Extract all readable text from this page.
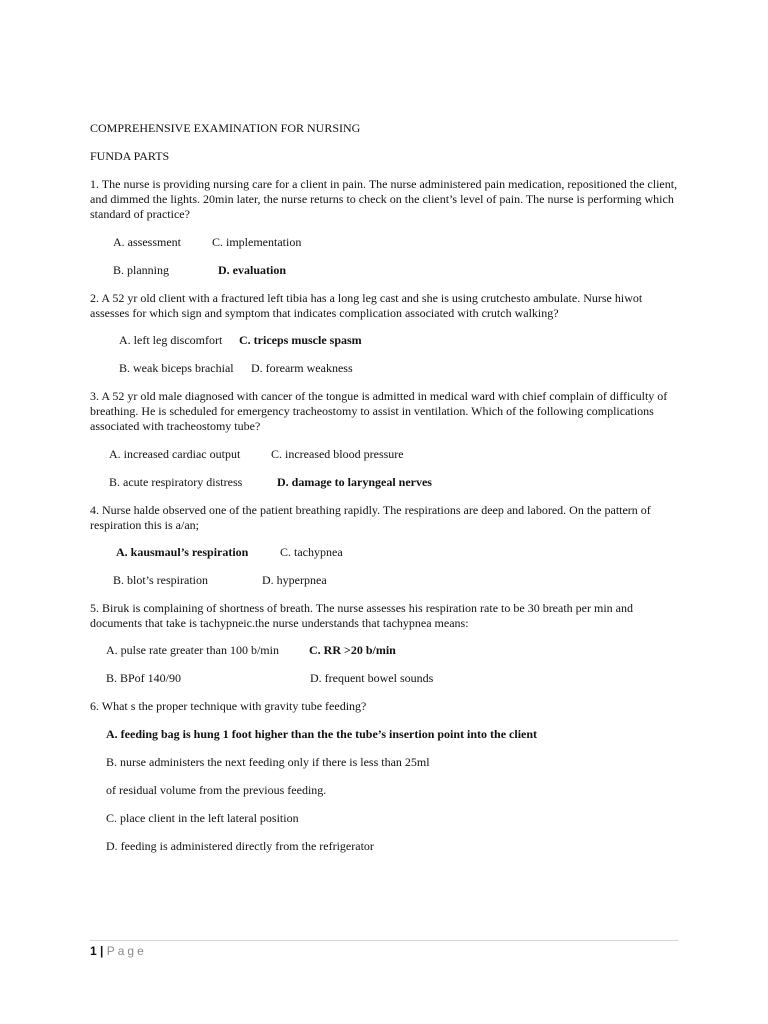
COMPREHENSIVE EXAMINATION FOR NURSING
FUNDA PARTS
1. The nurse is providing nursing care for a client in pain. The nurse administered pain medication, repositioned the client, and dimmed the lights. 20min later, the nurse returns to check on the client’s level of pain. The nurse is performing which standard of practice?
A. assessment	C. implementation
B. planning	D. evaluation
2. A 52 yr old client with a fractured left tibia has a long leg cast and she is using crutchesto ambulate. Nurse hiwot assesses for which sign and symptom that indicates complication associated with crutch walking?
A. left leg discomfort C. triceps muscle spasm
B. weak biceps brachial D. forearm weakness
3. A 52 yr old male diagnosed with cancer of the tongue is admitted in medical ward with chief complain of difficulty of breathing. He is scheduled for emergency tracheostomy to assist in ventilation. Which of the following complications associated with tracheostomy tube?
A. increased cardiac output	C. increased blood pressure
B. acute respiratory distress	D. damage to laryngeal nerves
4. Nurse halde observed one of the patient breathing rapidly. The respirations are deep and labored. On the pattern of respiration this is a/an;
A. kausmaul’s respiration	C. tachypnea
B. blot’s respiration	D. hyperpnea
5. Biruk is complaining of shortness of breath. The nurse assesses his respiration rate to be 30 breath per min and documents that take is tachypneic.the nurse understands that tachypnea means:
A. pulse rate greater than 100 b/min	C. RR >20 b/min
B. BPof 140/90	D. frequent bowel sounds
6. What s the proper technique with gravity tube feeding?
A. feeding bag is hung 1 foot higher than the the tube’s insertion point into the client
B. nurse administers the next feeding only if there is less than 25ml
of residual volume from the previous feeding.
C. place client in the left lateral position
D. feeding is administered directly from the refrigerator
1 | Page
